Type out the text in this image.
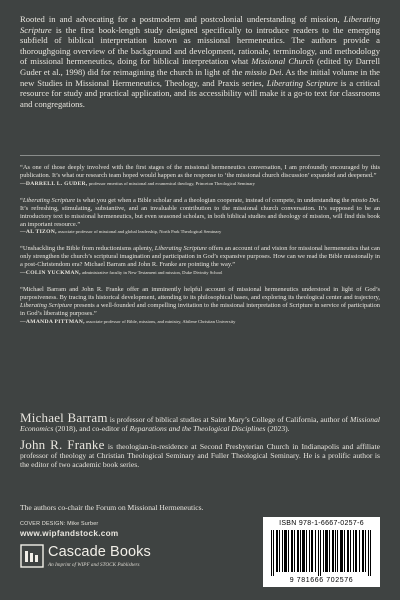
Rooted in and advocating for a postmodern and postcolonial understanding of mission, Liberating Scripture is the first book-length study designed specifically to introduce readers to the emerging subfield of biblical interpretation known as missional hermeneutics. The authors provide a thoroughgoing overview of the background and development, rationale, terminology, and methodology of missional hermeneutics, doing for biblical interpretation what Missional Church (edited by Darrell Guder et al., 1998) did for reimagining the church in light of the missio Dei. As the initial volume in the new Studies in Missional Hermeneutics, Theology, and Praxis series, Liberating Scripture is a critical resource for study and practical application, and its accessibility will make it a go-to text for classrooms and congregations.

“As one of those deeply involved with the first stages of the missional hermeneutics conversation, I am profoundly encouraged by this publication. It’s what our research team hoped would happen as the response to ‘the missional church discussion’ expanded and deepened.”

—DARRELL L. GUDER, professor emeritus of missional and ecumenical theology, Princeton Theological Seminary

“Liberating Scripture is what you get when a Bible scholar and a theologian cooperate, instead of compete, in understanding the missio Dei. It’s refreshing, stimulating, substantive, and an invaluable contribution to the missional church conversation. It’s supposed to be an introductory text to missional hermeneutics, but even seasoned scholars, in both biblical studies and theology of mission, will find this book an important resource.”

—AL TIZON, associate professor of missional and global leadership, North Park Theological Seminary

“Unshackling the Bible from reductionisms aplenty, Liberating Scripture offers an account of and vision for missional hermeneutics that can only strengthen the church’s scriptural imagination and participation in God’s expansive purposes. How can we read the Bible missionally in a post-Christendom era? Michael Barram and John R. Franke are pointing the way.”

—COLIN YUCKMAN, administrative faculty in New Testament and mission, Duke Divinity School

“Michael Barram and John R. Franke offer an imminently helpful account of missional hermeneutics understood in light of God’s purposiveness. By tracing its historical development, attending to its philosophical bases, and exploring its theological center and trajectory, Liberating Scripture presents a well-founded and compelling invitation to the missional interpretation of Scripture in service of participation in God’s liberating purposes.”

—AMANDA PITTMAN, associate professor of Bible, missions, and ministry, Abilene Christian University

Michael Barram is professor of biblical studies at Saint Mary’s College of California, author of Missional Economics (2018), and co-editor of Reparations and the Theological Disciplines (2023).

John R. Franke is theologian-in-residence at Second Presbyterian Church in Indianapolis and affiliate professor of theology at Christian Theological Seminary and Fuller Theological Seminary. He is a prolific author is the editor of two academic book series.

The authors co-chair the Forum on Missional Hermeneutics.

COVER DESIGN: Mike Surber

www.wipfandstock.com

Cascade Books
An Imprint of WIPF and STOCK Publishers
ISBN 978-1-6667-0257-6
9 781666 702576
